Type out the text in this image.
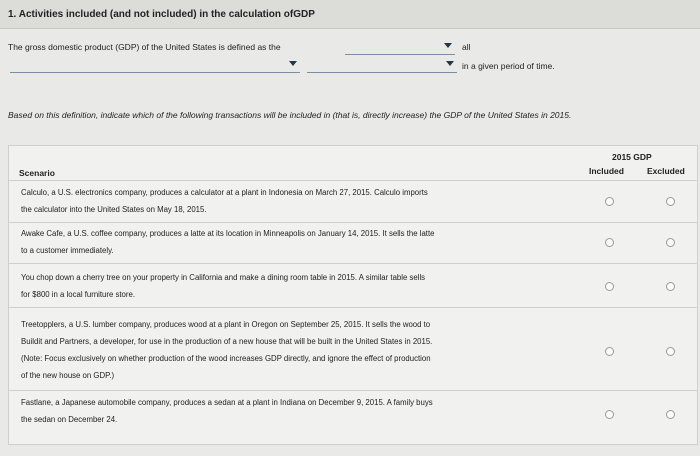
1. Activities included (and not included) in the calculation ofGDP
The gross domestic product (GDP) of the United States is defined as the	all
in a given period of time.
Based on this definition, indicate which of the following transactions will be included in (that is, directly increase) the GDP of the United States in 2015.
2015 GDP
Included	Excluded
Scenario
Calculo, a U.S. electronics company, produces a calculator at a plant in Indonesia on March 27, 2015. Calculo imports
the calculator into the United States on May 18, 2015.
Awake Cafe, a U.S. coffee company, produces a latte at its location in Minneapolis on January 14, 2015. It sells the latte
to a customer immediately.
You chop down a cherry tree on your property in California and make a dining room table in 2015. A similar table sells
for $800 in a local furniture store.
Treetopplers, a U.S. lumber company, produces wood at a plant in Oregon on September 25, 2015. It sells the wood to
Buildit and Partners, a developer, for use in the production of a new house that will be built in the United States in 2015.
(Note: Focus exclusively on whether production of the wood increases GDP directly, and ignore the effect of production
of the new house on GDP.)
Fastlane, a Japanese automobile company, produces a sedan at a plant in Indiana on December 9, 2015. A family buys
the sedan on December 24.
